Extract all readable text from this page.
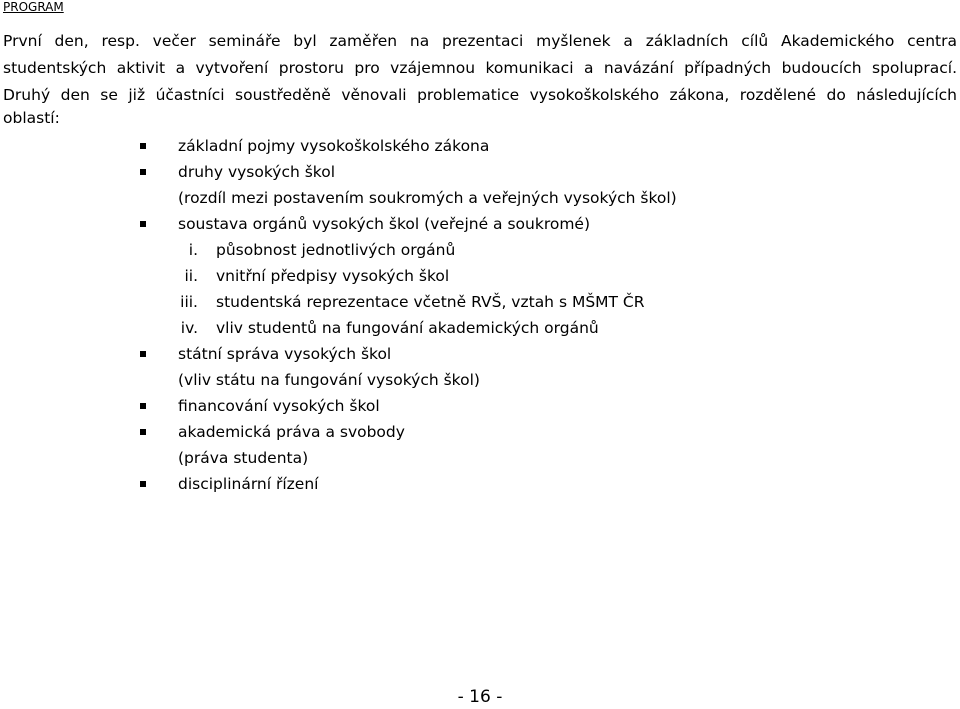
PROGRAM
První den, resp. večer semináře byl zaměřen na prezentaci myšlenek a základních cílů Akademického centra
studentských aktivit a vytvoření prostoru pro vzájemnou komunikaci a navázání případných budoucích spoluprací.
Druhý den se již účastníci soustředěně věnovali problematice vysokoškolského zákona, rozdělené do následujících
oblastí:
základní pojmy vysokoškolského zákona
druhy vysokých škol
(rozdíl mezi postavením soukromých a veřejných vysokých škol)
soustava orgánů vysokých škol (veřejné a soukromé)
i. působnost jednotlivých orgánů
ii. vnitřní předpisy vysokých škol
iii. studentská reprezentace včetně RVŠ, vztah s MŠMT ČR
iv. vliv studentů na fungování akademických orgánů
státní správa vysokých škol
(vliv státu na fungování vysokých škol)
financování vysokých škol
akademická práva a svobody
(práva studenta)
disciplinární řízení
- 16 -
